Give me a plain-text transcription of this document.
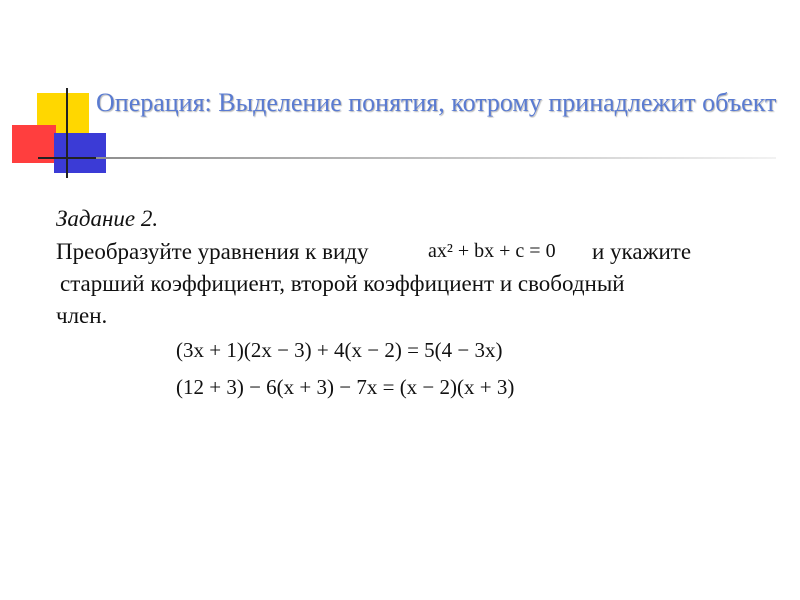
Операция: Выделение понятия, котрому принадлежит объект
Задание 2.
Преобразуйте уравнения к виду	ax² + bx + c = 0 и укажите
старший коэффициент, второй коэффициент и свободный
член.
(3x + 1)(2x − 3) + 4(x − 2) = 5(4 − 3x)
(12 + 3) − 6(x + 3) − 7x = (x − 2)(x + 3)
